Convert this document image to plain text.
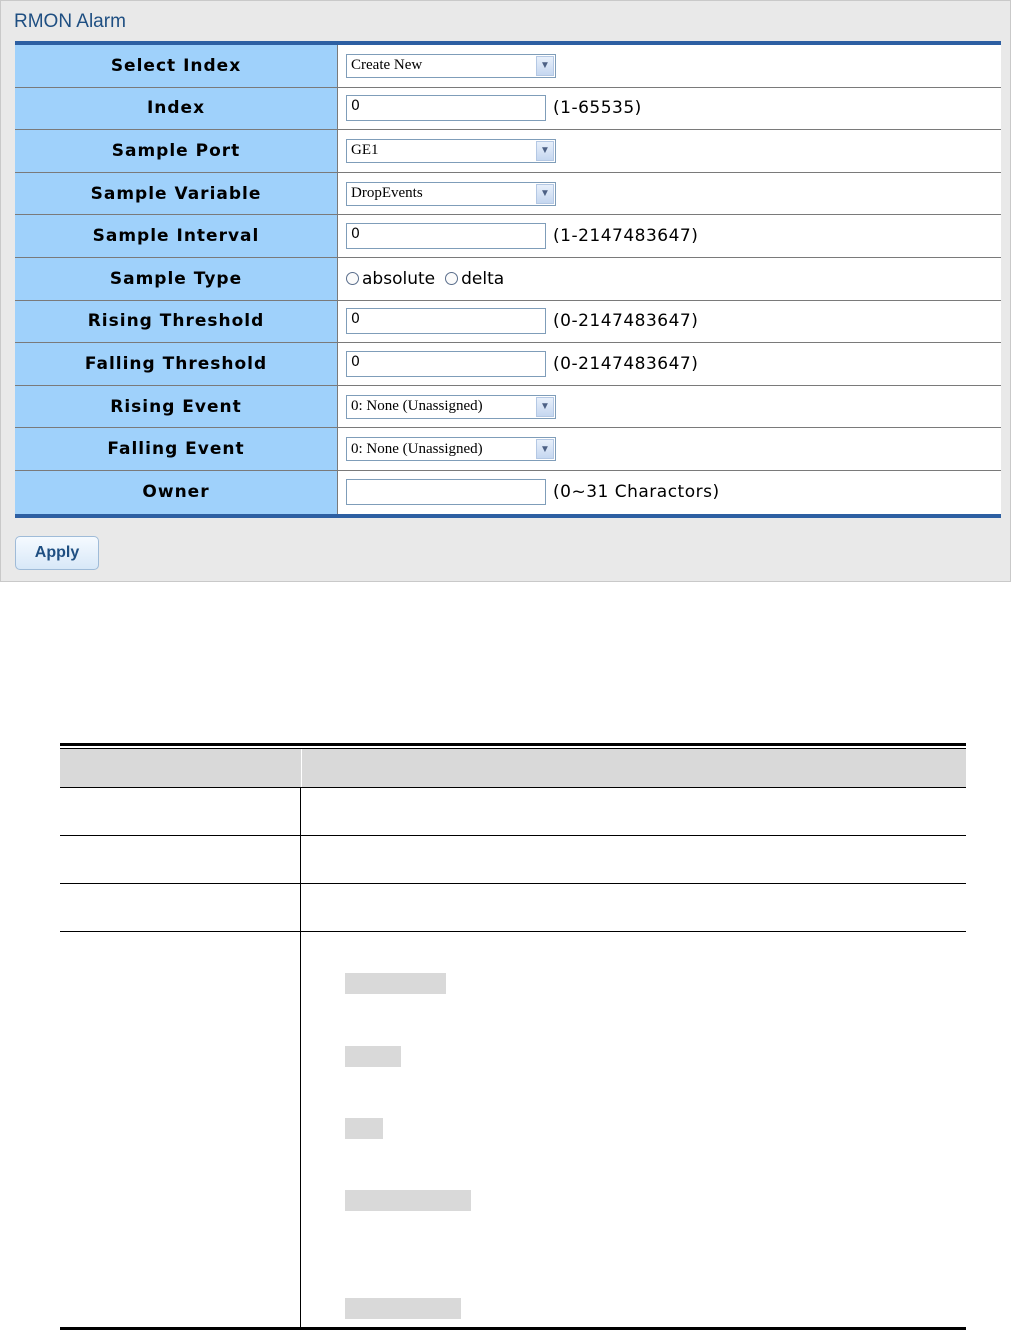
RMON Alarm
Select Index	Create New	▼
Index	0	(1-65535)
Sample Port	GE1	▼
Sample Variable	DropEvents	▼
Sample Interval	0	(1-2147483647)
Sample Type	absolute delta
Rising Threshold	0	(0-2147483647)
Falling Threshold	0	(0-2147483647)
Rising Event	0: None (Unassigned)	▼
Falling Event	0: None (Unassigned)	▼
Owner	(0~31 Charactors)
Apply
